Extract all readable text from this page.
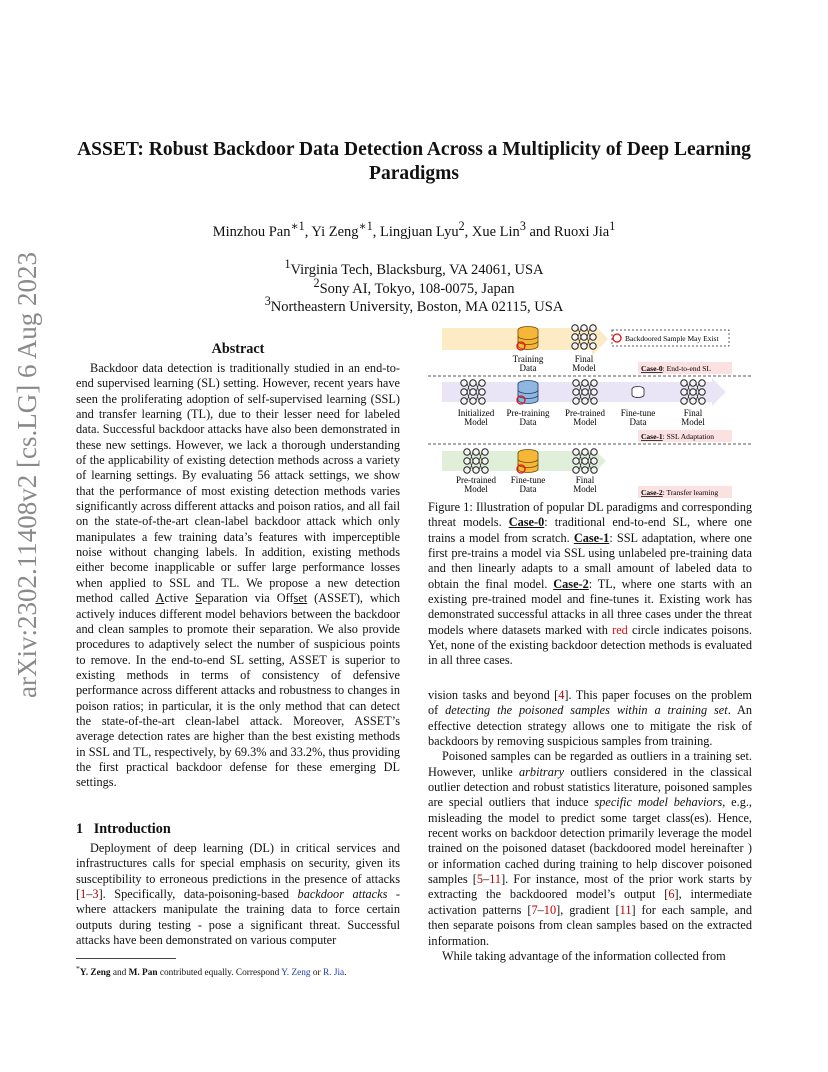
arXiv:2302.11408v2 [cs.LG] 6 Aug 2023
ASSET: Robust Backdoor Data Detection Across a Multiplicity of Deep Learning
Paradigms
Minzhou Pan$^{∗1}$, Yi Zeng$^{∗1}$, Lingjuan Lyu$^2$, Xue Lin$^3$ and Ruoxi Jia$^1$
$^1$Virginia Tech, Blacksburg, VA 24061, USA
$^2$Sony AI, Tokyo, 108-0075, Japan
$^3$Northeastern University, Boston, MA 02115, USA
Abstract

Backdoor data detection is traditionally studied in an end-to-end supervised learning (SL) setting. However, recent years have seen the proliferating adoption of self-supervised learning (SSL) and transfer learning (TL), due to their lesser need for labeled data. Successful backdoor attacks have also been demonstrated in these new settings. However, we lack a thorough understanding of the applicability of existing detection methods across a variety of learning settings. By evaluating 56 attack settings, we show that the performance of most existing detection methods varies significantly across different attacks and poison ratios, and all fail on the state-of-the-art clean-label backdoor attack which only manipulates a few training data’s features with imperceptible noise without changing labels. In addition, existing methods either become inapplicable or suffer large performance losses when applied to SSL and TL. We propose a new detection method called Active Separation via Offset (ASSET), which actively induces different model behaviors between the backdoor and clean samples to promote their separation. We also provide procedures to adaptively select the number of suspicious points to remove. In the end-to-end SL setting, ASSET is superior to existing methods in terms of consistency of defensive performance across different attacks and robustness to changes in poison ratios; in particular, it is the only method that can detect the state-of-the-art clean-label attack. Moreover, ASSET’s average detection rates are higher than the best existing methods in SSL and TL, respectively, by 69.3% and 33.2%, thus providing the first practical backdoor defense for these emerging DL settings.

1 Introduction

Deployment of deep learning (DL) in critical services and infrastructures calls for special emphasis on security, given its susceptibility to erroneous predictions in the presence of attacks [1–3]. Specifically, data-poisoning-based backdoor attacks - where attackers manipulate the training data to force certain outputs during testing - pose a significant threat. Successful attacks have been demonstrated on various computer

*Y. Zeng and M. Pan contributed equally. Correspond Y. Zeng or R. Jia.
Training
Data
Final
Model
Backdoored Sample May Exist
Case-0: End-to-end SL
Initialized
Model
Pre-training
Data
Pre-trained
Model
Fine-tune
Data
Final
Model
Case-1: SSL Adaptation
Pre-trained
Model
Fine-tune
Data
Final
Model	Case-2: Transfer learning

Figure 1: Illustration of popular DL paradigms and corresponding threat models. Case-0: traditional end-to-end SL, where one trains a model from scratch. Case-1: SSL adaptation, where one first pre-trains a model via SSL using unlabeled pre-training data and then linearly adapts to a small amount of labeled data to obtain the final model. Case-2: TL, where one starts with an existing pre-trained model and fine-tunes it. Existing work has demonstrated successful attacks in all three cases under the threat models where datasets marked with red circle indicates poisons. Yet, none of the existing backdoor detection methods is evaluated in all three cases.

vision tasks and beyond [4]. This paper focuses on the problem of detecting the poisoned samples within a training set. An effective detection strategy allows one to mitigate the risk of backdoors by removing suspicious samples from training.

Poisoned samples can be regarded as outliers in a training set. However, unlike arbitrary outliers considered in the classical outlier detection and robust statistics literature, poisoned samples are special outliers that induce specific model behaviors, e.g., misleading the model to predict some target class(es). Hence, recent works on backdoor detection primarily leverage the model trained on the poisoned dataset (backdoored model hereinafter ) or information cached during training to help discover poisoned samples [5–11]. For instance, most of the prior work starts by extracting the backdoored model’s output [6], intermediate activation patterns [7–10], gradient [11] for each sample, and then separate poisons from clean samples based on the extracted information.

While taking advantage of the information collected from
